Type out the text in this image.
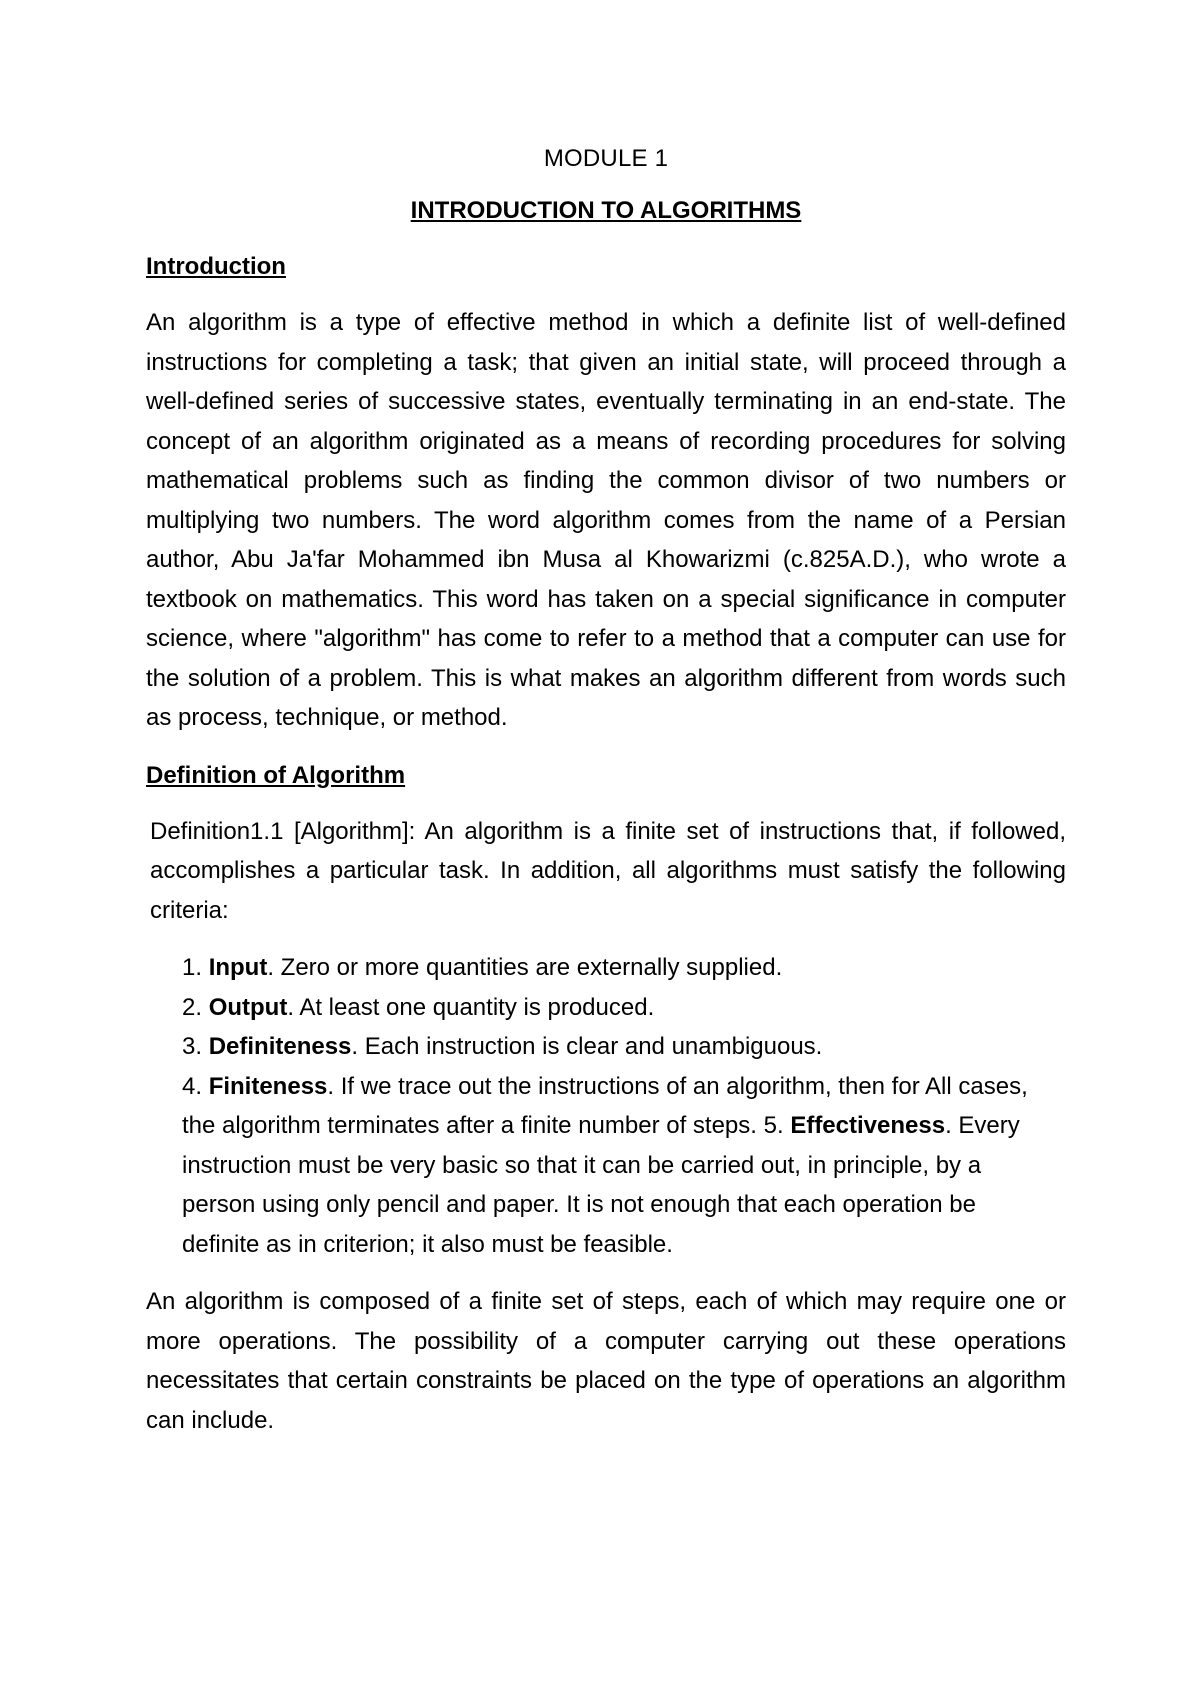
MODULE 1
INTRODUCTION TO ALGORITHMS
Introduction

An algorithm is a type of effective method in which a definite list of well-defined instructions for completing a task; that given an initial state, will proceed through a well-defined series of successive states, eventually terminating in an end-state. The concept of an algorithm originated as a means of recording procedures for solving mathematical problems such as finding the common divisor of two numbers or multiplying two numbers. The word algorithm comes from the name of a Persian author, Abu Ja'far Mohammed ibn Musa al Khowarizmi (c.825A.D.), who wrote a textbook on mathematics. This word has taken on a special significance in computer science, where "algorithm" has come to refer to a method that a computer can use for the solution of a problem. This is what makes an algorithm different from words such as process, technique, or method.

Definition of Algorithm

Definition1.1 [Algorithm]: An algorithm is a finite set of instructions that, if followed, accomplishes a particular task. In addition, all algorithms must satisfy the following criteria:

1. Input. Zero or more quantities are externally supplied.
2. Output. At least one quantity is produced.
3. Definiteness. Each instruction is clear and unambiguous.
4. Finiteness. If we trace out the instructions of an algorithm, then for All cases, the algorithm terminates after a finite number of steps. 5. Effectiveness. Every instruction must be very basic so that it can be carried out, in principle, by a person using only pencil and paper. It is not enough that each operation be definite as in criterion; it also must be feasible.

An algorithm is composed of a finite set of steps, each of which may require one or more operations. The possibility of a computer carrying out these operations necessitates that certain constraints be placed on the type of operations an algorithm can include.
